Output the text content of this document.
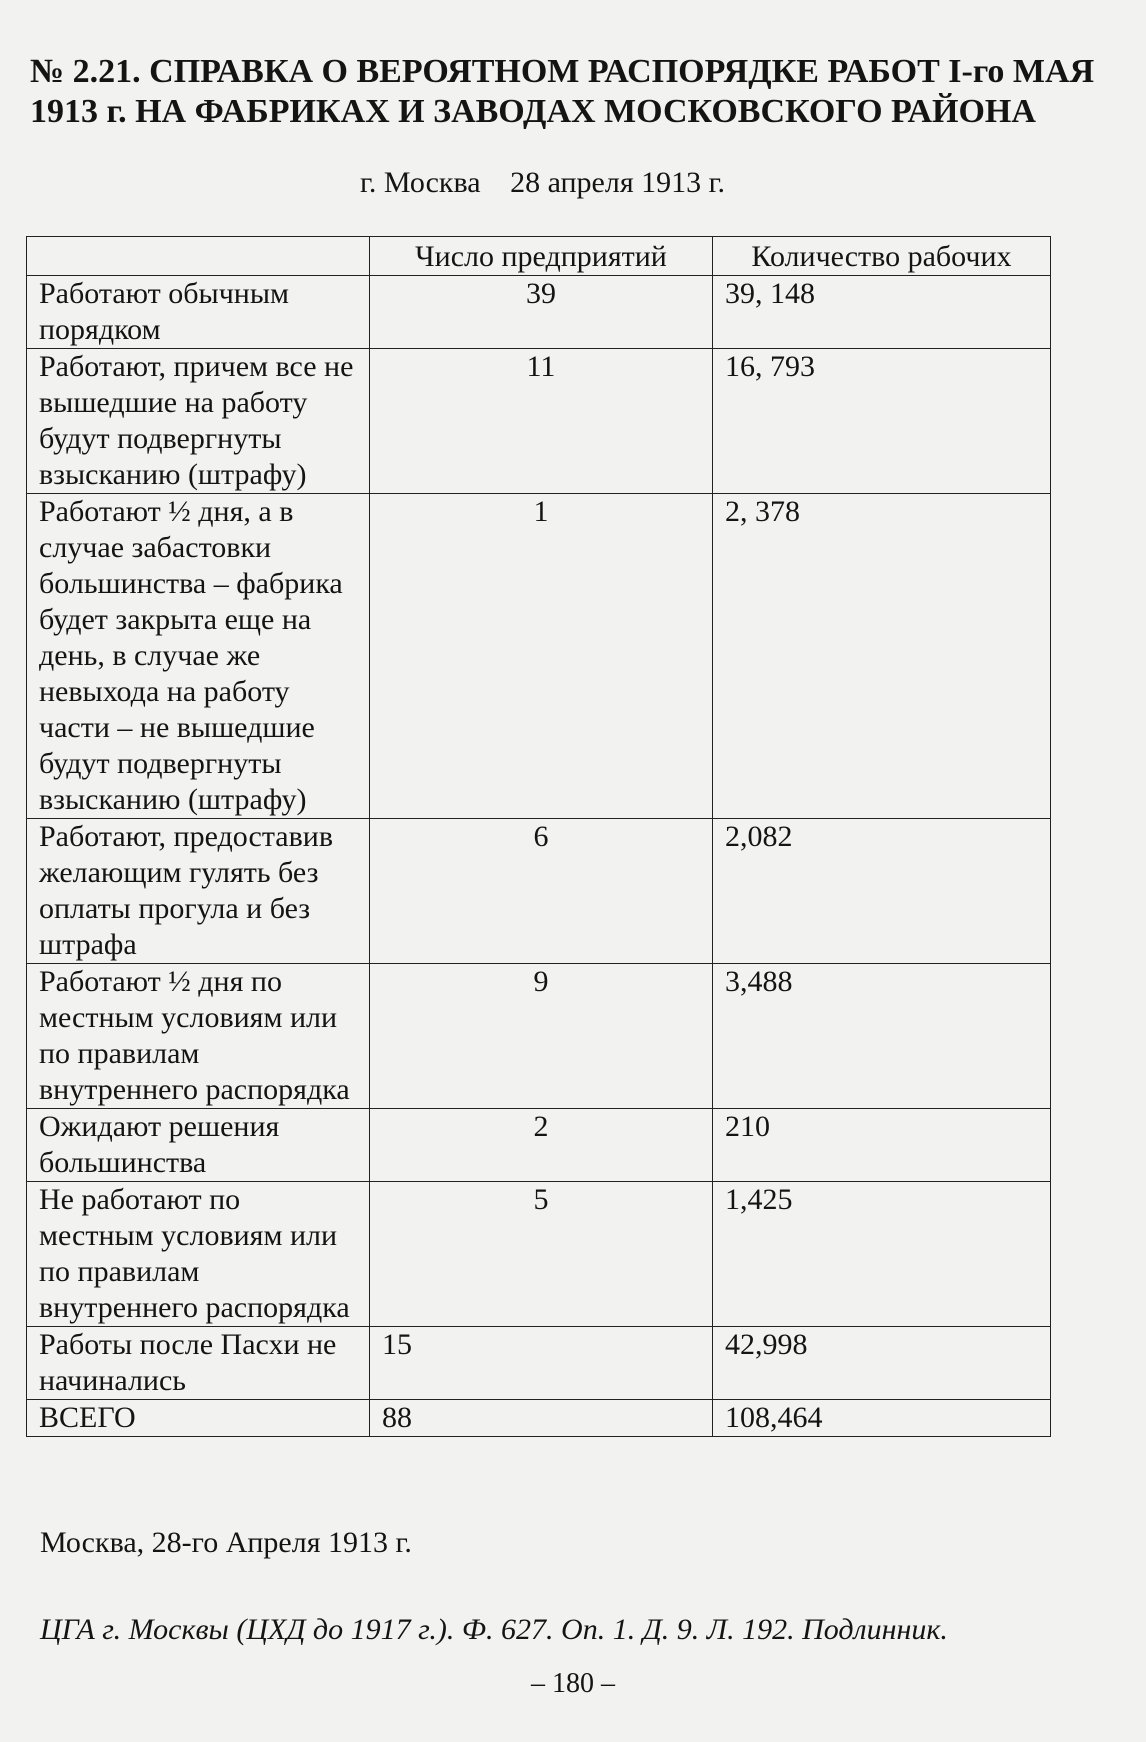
№ 2.21. СПРАВКА О ВЕРОЯТНОМ РАСПОРЯДКЕ РАБОТ I-го МАЯ 1913 г. НА ФАБРИКАХ И ЗАВОДАХ МОСКОВСКОГО РАЙОНА
г. Москва 28 апреля 1913 г.
	Число предприятий	Количество рабочих
Работают обычным порядком	39	39, 148
Работают, причем все не вышедшие на работу будут подвергнуты взысканию (штрафу)	11	16, 793
Работают ½ дня, а в случае забастовки большинства – фабрика будет закрыта еще на день, в случае же невыхода на работу части – не вышедшие будут подвергнуты взысканию (штрафу)	1	2, 378
Работают, предоставив желающим гулять без оплаты прогула и без штрафа	6	2,082
Работают ½ дня по местным условиям или по правилам внутреннего распорядка	9	3,488
Ожидают решения большинства	2	210
Не работают по местным условиям или по правилам внутреннего распорядка	5	1,425
Работы после Пасхи не начинались	15	42,998
ВСЕГО	88	108,464
Москва, 28-го Апреля 1913 г.
ЦГА г. Москвы (ЦХД до 1917 г.). Ф. 627. Оп. 1. Д. 9. Л. 192. Подлинник.
– 180 –
